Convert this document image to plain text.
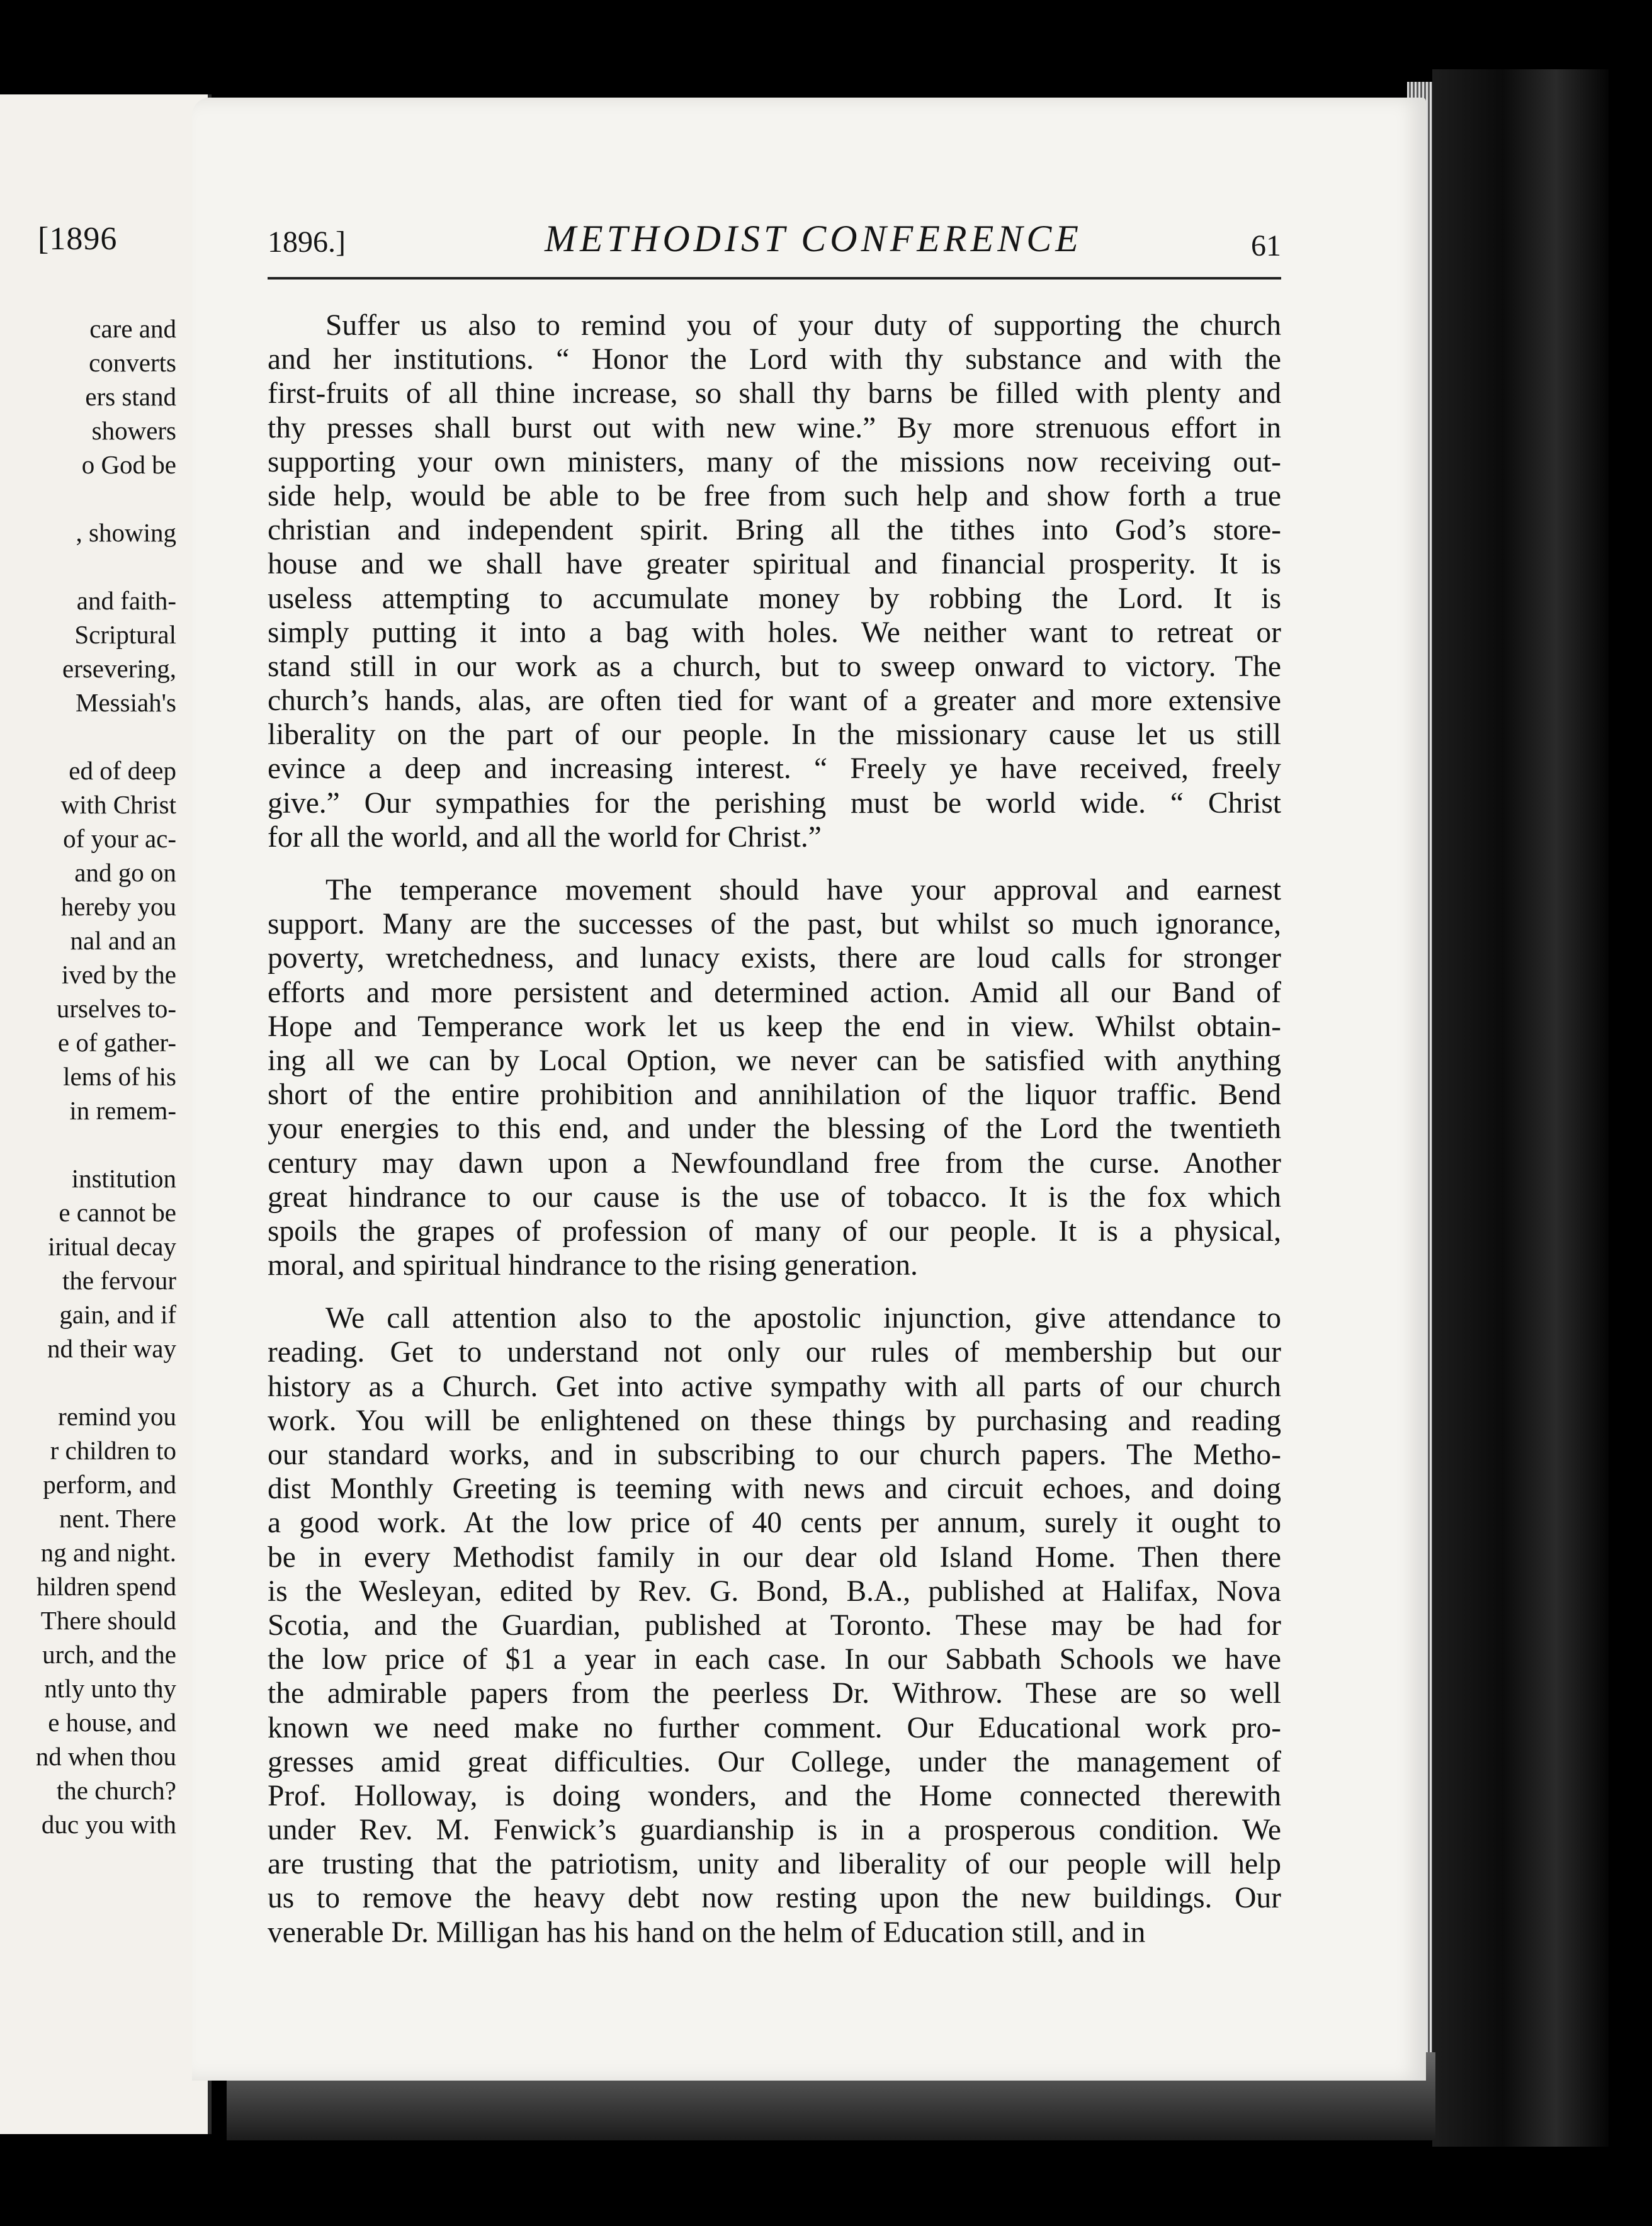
[1896
care and
converts
ers stand
showers
o God be
, showing
and faith-
Scriptural
ersevering,
Messiah's
ed of deep
with Christ
of your ac-
and go on
hereby you
nal and an
ived by the
urselves to-
e of gather-
lems of his
in remem-
institution
e cannot be
iritual decay
the fervour
gain, and if
nd their way
remind you
r children to
perform, and
nent. There
ng and night.
hildren spend
There should
urch, and the
ntly unto thy
e house, and
nd when thou
the church?
duc you with
1896.]	METHODIST CONFERENCE	61
Suffer us also to remind you of your duty of supporting the church
and her institutions. “ Honor the Lord with thy substance and with the
first-fruits of all thine increase, so shall thy barns be filled with plenty and
thy presses shall burst out with new wine.” By more strenuous effort in
supporting your own ministers, many of the missions now receiving out-
side help, would be able to be free from such help and show forth a true
christian and independent spirit. Bring all the tithes into God’s store-
house and we shall have greater spiritual and financial prosperity. It is
useless attempting to accumulate money by robbing the Lord. It is
simply putting it into a bag with holes. We neither want to retreat or
stand still in our work as a church, but to sweep onward to victory. The
church’s hands, alas, are often tied for want of a greater and more extensive
liberality on the part of our people. In the missionary cause let us still
evince a deep and increasing interest. “ Freely ye have received, freely
give.” Our sympathies for the perishing must be world wide. “ Christ
for all the world, and all the world for Christ.”
The temperance movement should have your approval and earnest
support. Many are the successes of the past, but whilst so much ignorance,
poverty, wretchedness, and lunacy exists, there are loud calls for stronger
efforts and more persistent and determined action. Amid all our Band of
Hope and Temperance work let us keep the end in view. Whilst obtain-
ing all we can by Local Option, we never can be satisfied with anything
short of the entire prohibition and annihilation of the liquor traffic. Bend
your energies to this end, and under the blessing of the Lord the twentieth
century may dawn upon a Newfoundland free from the curse. Another
great hindrance to our cause is the use of tobacco. It is the fox which
spoils the grapes of profession of many of our people. It is a physical,
moral, and spiritual hindrance to the rising generation.
We call attention also to the apostolic injunction, give attendance to
reading. Get to understand not only our rules of membership but our
history as a Church. Get into active sympathy with all parts of our church
work. You will be enlightened on these things by purchasing and reading
our standard works, and in subscribing to our church papers. The Metho-
dist Monthly Greeting is teeming with news and circuit echoes, and doing
a good work. At the low price of 40 cents per annum, surely it ought to
be in every Methodist family in our dear old Island Home. Then there
is the Wesleyan, edited by Rev. G. Bond, B.A., published at Halifax, Nova
Scotia, and the Guardian, published at Toronto. These may be had for
the low price of $1 a year in each case. In our Sabbath Schools we have
the admirable papers from the peerless Dr. Withrow. These are so well
known we need make no further comment. Our Educational work pro-
gresses amid great difficulties. Our College, under the management of
Prof. Holloway, is doing wonders, and the Home connected therewith
under Rev. M. Fenwick’s guardianship is in a prosperous condition. We
are trusting that the patriotism, unity and liberality of our people will help
us to remove the heavy debt now resting upon the new buildings. Our
venerable Dr. Milligan has his hand on the helm of Education still, and in
